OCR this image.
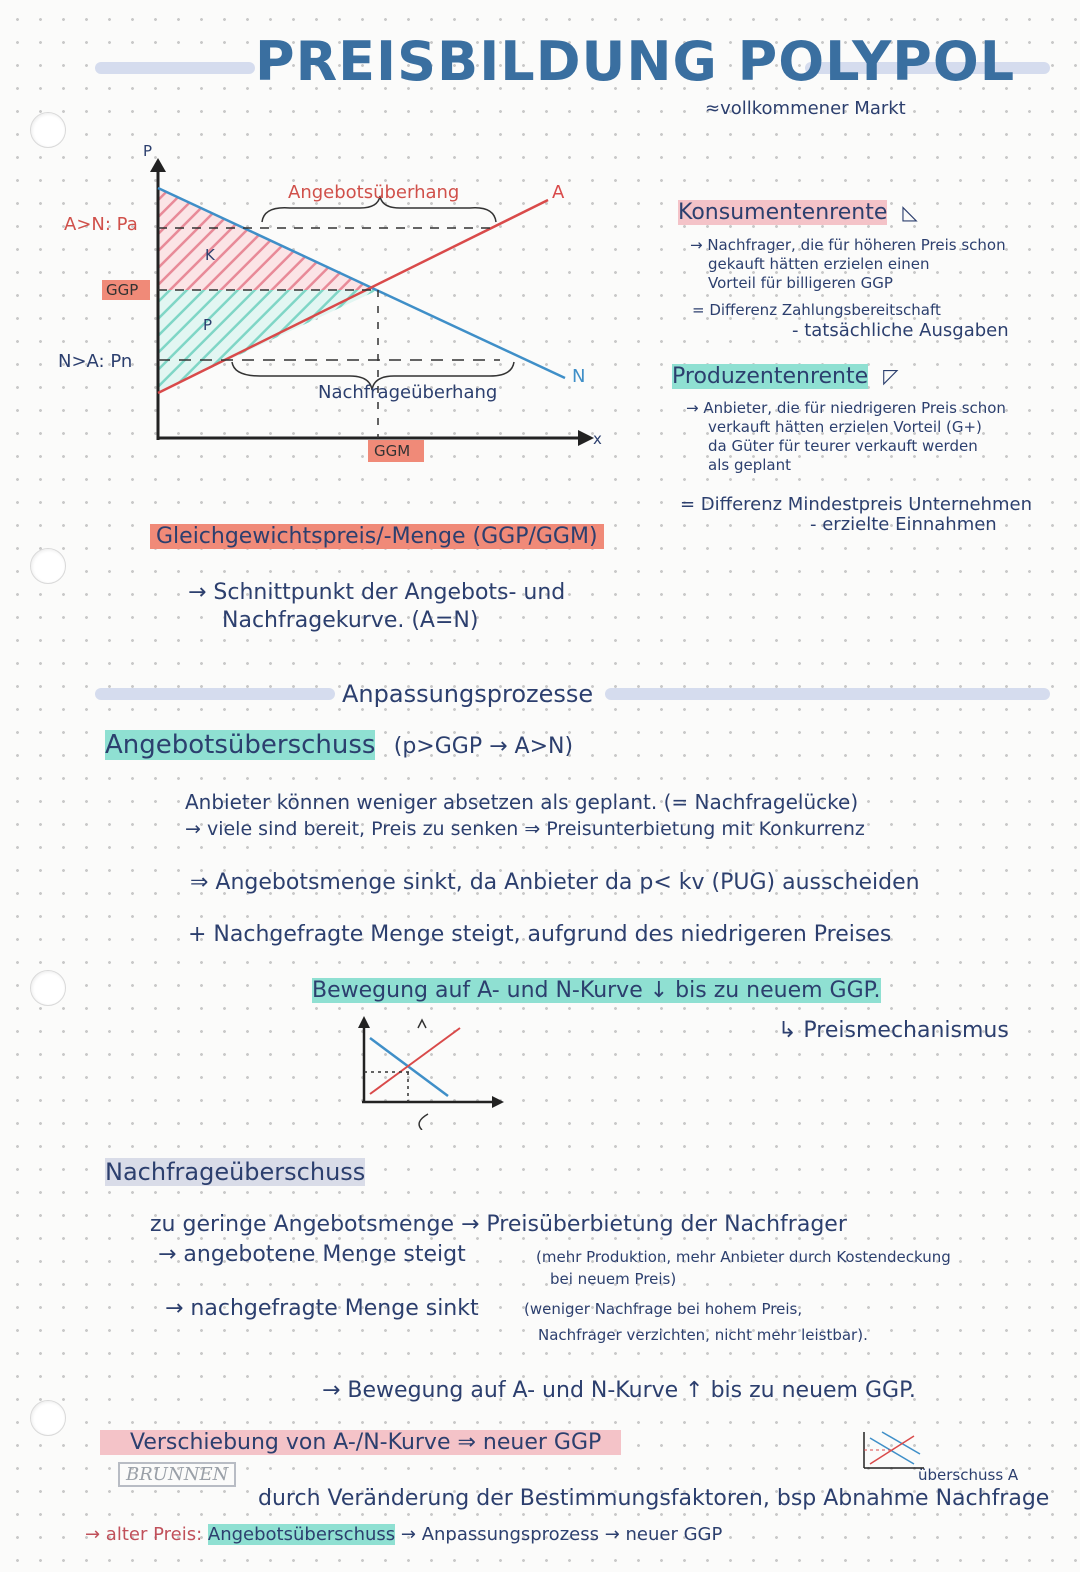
PREISBILDUNG POLYPOL
≈vollkommener Markt
P
x
A>N: Pa
GGP
N>A: Pn
K
P
GGM
A
N
Angebotsüberhang
Nachfrageüberhang
Konsumentenrente ◺
→ Nachfrager, die für höheren Preis schon
gekauft hätten erzielen einen
Vorteil für billigeren GGP
= Differenz Zahlungsbereitschaft
- tatsächliche Ausgaben
Produzentenrente ◸
→ Anbieter, die für niedrigeren Preis schon
verkauft hätten erzielen Vorteil (G+)
da Güter für teurer verkauft werden
als geplant
= Differenz Mindestpreis Unternehmen
- erzielte Einnahmen
Gleichgewichtspreis/-Menge (GGP/GGM)
→ Schnittpunkt der Angebots- und
Nachfragekurve. (A=N)
Anpassungsprozesse
Angebotsüberschuss (p>GGP → A>N)
Anbieter können weniger absetzen als geplant. (= Nachfragelücke)
→ viele sind bereit, Preis zu senken ⇒ Preisunterbietung mit Konkurrenz
⇒ Angebotsmenge sinkt, da Anbieter da p< kv (PUG) ausscheiden
+ Nachgefragte Menge steigt, aufgrund des niedrigeren Preises
Bewegung auf A- und N-Kurve ↓ bis zu neuem GGP.
↳ Preismechanismus
Nachfrageüberschuss
zu geringe Angebotsmenge → Preisüberbietung der Nachfrager
→ angebotene Menge steigt	(mehr Produktion, mehr Anbieter durch Kostendeckung
bei neuem Preis)
→ nachgefragte Menge sinkt	(weniger Nachfrage bei hohem Preis,
Nachfrager verzichten, nicht mehr leistbar).
→ Bewegung auf A- und N-Kurve ↑ bis zu neuem GGP.
Verschiebung von A-/N-Kurve ⇒ neuer GGP
überschuss A
BRUNNEN
durch Veränderung der Bestimmungsfaktoren, bsp Abnahme Nachfrage
→ alter Preis: Angebotsüberschuss → Anpassungsprozess → neuer GGP
